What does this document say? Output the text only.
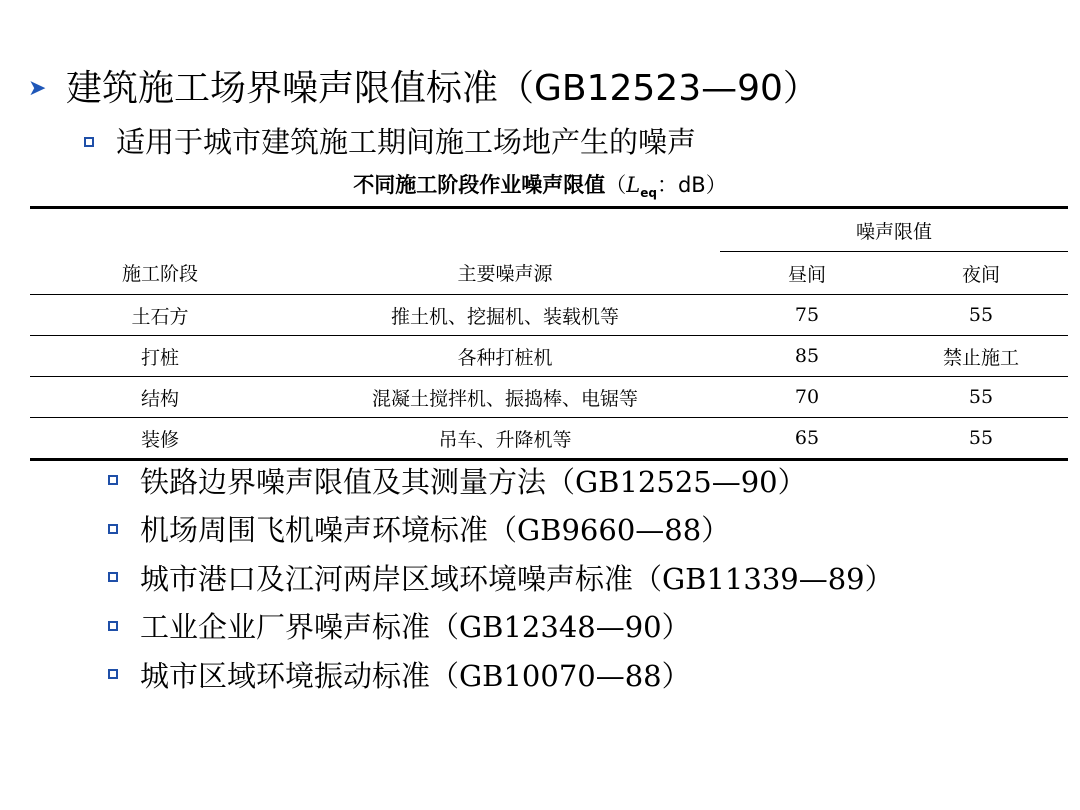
➤ 建筑施工场界噪声限值标准（GB12523—90）
适用于城市建筑施工期间施工场地产生的噪声
不同施工阶段作业噪声限值（$L_{eq}$：dB）
		噪声限值	
施工阶段	主要噪声源	昼间	夜间
土石方	推土机、挖掘机、装载机等	75	55
打桩	各种打桩机	85	禁止施工
结构	混凝土搅拌机、振捣棒、电锯等	70	55
装修	吊车、升降机等	65	55
铁路边界噪声限值及其测量方法（GB12525—90）
机场周围飞机噪声环境标准（GB9660—88）
城市港口及江河两岸区域环境噪声标准（GB11339—89）
工业企业厂界噪声标准（GB12348—90）
城市区域环境振动标准（GB10070—88）
